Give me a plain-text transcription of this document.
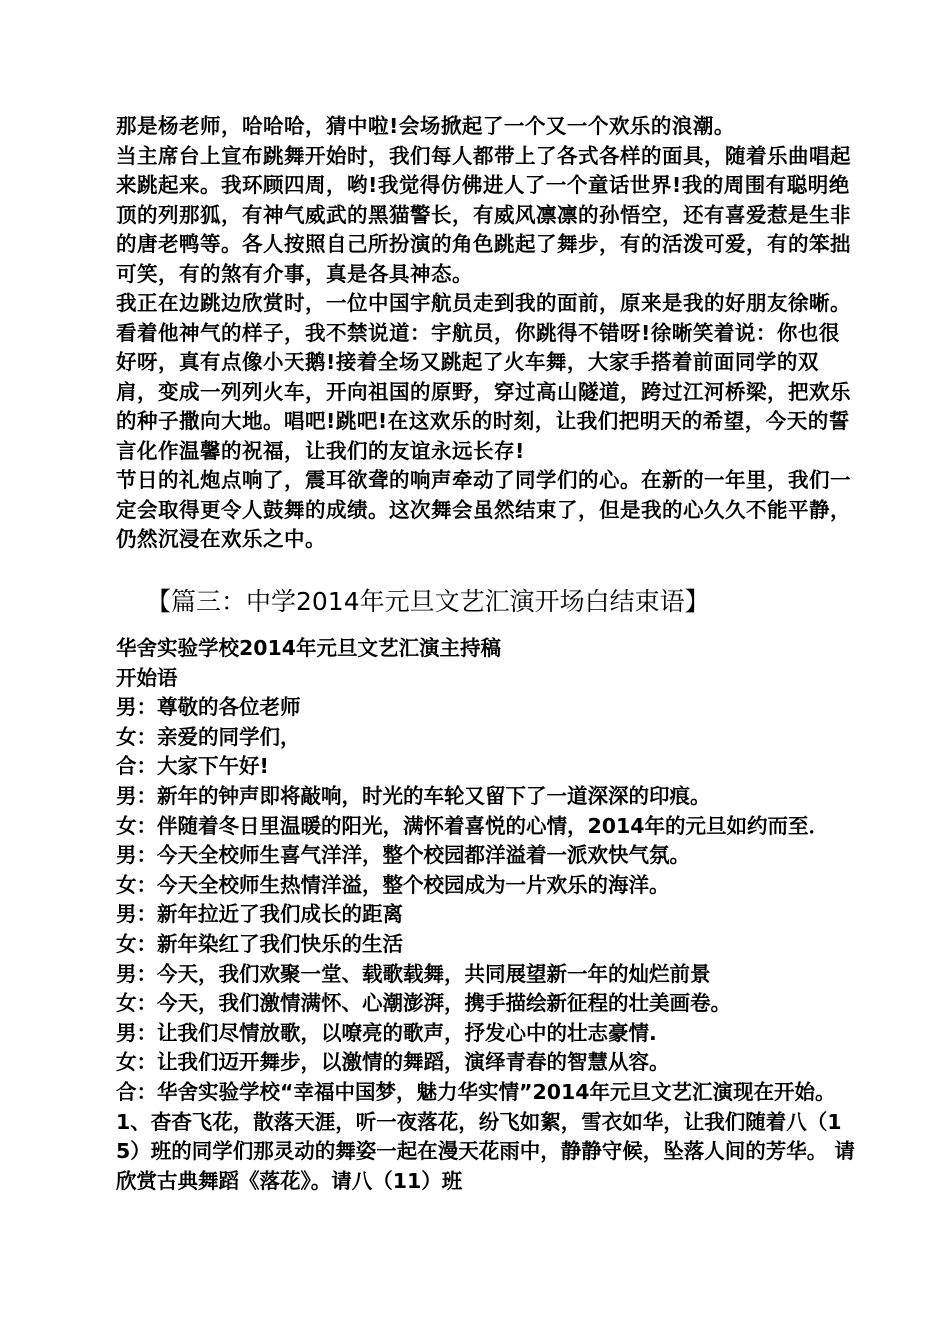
那是杨老师，哈哈哈，猜中啦!会场掀起了一个又一个欢乐的浪潮。

当主席台上宣布跳舞开始时，我们每人都带上了各式各样的面具，随着乐曲唱起来跳起来。我环顾四周，哟!我觉得仿佛进人了一个童话世界!我的周围有聪明绝顶的列那狐，有神气威武的黑猫警长，有威风凛凛的孙悟空，还有喜爱惹是生非的唐老鸭等。各人按照自己所扮演的角色跳起了舞步，有的活泼可爱，有的笨拙可笑，有的煞有介事，真是各具神态。

我正在边跳边欣赏时，一位中国宇航员走到我的面前，原来是我的好朋友徐晰。看着他神气的样子，我不禁说道：宇航员，你跳得不错呀!徐晰笑着说：你也很好呀，真有点像小天鹅!接着全场又跳起了火车舞，大家手搭着前面同学的双肩，变成一列列火车，开向祖国的原野，穿过高山隧道，跨过江河桥梁，把欢乐的种子撒向大地。唱吧!跳吧!在这欢乐的时刻，让我们把明天的希望，今天的誓言化作温馨的祝福，让我们的友谊永远长存!

节日的礼炮点响了，震耳欲聋的响声牵动了同学们的心。在新的一年里，我们一定会取得更令人鼓舞的成绩。这次舞会虽然结束了，但是我的心久久不能平静，仍然沉浸在欢乐之中。

【篇三：中学2014年元旦文艺汇演开场白结束语】

华舍实验学校2014年元旦文艺汇演主持稿

开始语

男：尊敬的各位老师

女：亲爱的同学们，

合：大家下午好!

男：新年的钟声即将敲响，时光的车轮又留下了一道深深的印痕。

女：伴随着冬日里温暖的阳光，满怀着喜悦的心情，2014年的元旦如约而至．男：今天全校师生喜气洋洋，整个校园都洋溢着一派欢快气氛。

女：今天全校师生热情洋溢，整个校园成为一片欢乐的海洋。

男：新年拉近了我们成长的距离

女：新年染红了我们快乐的生活

男：今天，我们欢聚一堂、载歌载舞，共同展望新一年的灿烂前景

女：今天，我们激情满怀、心潮澎湃，携手描绘新征程的壮美画卷。

男：让我们尽情放歌，以嘹亮的歌声，抒发心中的壮志豪情.

女：让我们迈开舞步，以激情的舞蹈，演绎青春的智慧从容。

合：华舍实验学校“幸福中国梦，魅力华实情”2014年元旦文艺汇演现在开始。

1、杳杳飞花，散落天涯，听一夜落花，纷飞如絮，雪衣如华，让我们随着八（15）班的同学们那灵动的舞姿一起在漫天花雨中，静静守候，坠落人间的芳华。 请欣赏古典舞蹈《落花》。请八（11）班
